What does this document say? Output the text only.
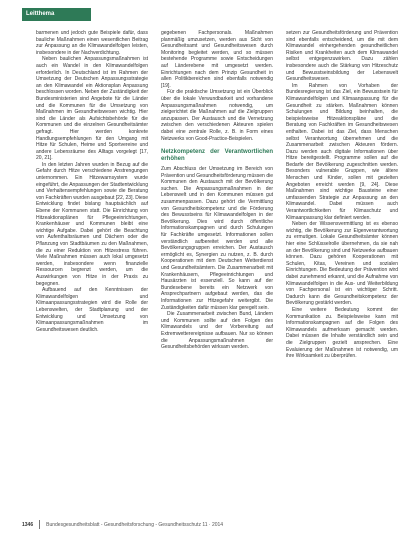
Leitthema

barmenen und jedoch gute Beispiele dafür, dass bauliche Maßnahmen einen wesentlichen Beitrag zur Anpassung an die Klimawandelfolgen leisten, insbesondere in der Nachverdichtung.

Neben baulichen Anpassungsmaßnahmen ist auch ein Wandel in den Klimawandelfolgen erforderlich. In Deutschland ist im Rahmen der Umsetzung der Deutschen Anpassungsstrategie an den Klimawandel ein Aktionsplan Anpassung beschlossen worden. Neben der Zuständigkeit der Bundesministerien sind Angebote für die Länder und die Kommunen für die Umsetzung von Maßnahmen im Gesundheitswesen wichtig. Hier sind die Länder als Aufsichtsbehörde für die Kommunen und die einzelnen Gesundheitsämter gefragt. Hier werden konkrete Handlungsempfehlungen für den Umgang mit Hitze für Schulen, Heime und Sportvereine und andere Lebensräume des Alltags vorgelegt [17, 20, 21].

In den letzten Jahren wurden in Bezug auf die Gefahr durch Hitze verschiedene Anstrengungen unternommen. Ein Hitzewarnsystem wurde eingeführt, die Anpassungen der Stadtentwicklung und Verhaltensempfehlungen sowie die Beratung von Fachkräften wurden ausgebaut [22, 23]. Diese Entwicklung findet bislang hauptsächlich auf Ebene der Kommunen statt. Die Einrichtung von Hitzeaktionsplänen für Pflegeeinrichtungen, Krankenhäuser und Kommunen bleibt eine wichtige Aufgabe. Dabei gehört die Beachtung von Aufenthaltsräumen und Dächern oder die Pflanzung von Stadtbäumen zu den Maßnahmen, die zu einer Reduktion von Hitzestress führen. Viele Maßnahmen müssen auch lokal umgesetzt werden, insbesondere wenn finanzielle Ressourcen begrenzt werden, um die Auswirkungen von Hitze in der Praxis zu begegnen.

Aufbauend auf den Kenntnissen der Klimawandelfolgen und Klimaanpassungsstrategien wird die Rolle der Lebenswelten, der Stadtplanung und der Entwicklung und Umsetzung von Klimaanpassungsmaßnahmen im Gesundheitswesen deutlich.

gegebenen Fachpersonals. Maßnahmen planmäßig umzusetzen, werden aus Sicht von Gesundheitsamt und Gesundheitswesen durch Monitoring begleitet werden, und so müssen bestehende Programme sowie Entscheidungen auf Länderebene mit umgesetzt werden. Einrichtungen nach dem Prinzip Gesundheit in allen Politikbereichen sind ebenfalls notwendig [19].

Für die praktische Umsetzung ist ein Überblick über die lokale Verwundbarkeit und vorhandene Anpassungsmaßnahmen notwendig, um zielgerichtet die Maßnahmen auf die Zielgruppen anzupassen. Der Austausch und die Vernetzung zwischen den verschiedenen Akteuren spielen dabei eine zentrale Rolle, z. B. in Form eines Netzwerks von Good-Practice-Beispielen.

Netzkompetenz der Verantwortlichen erhöhen

Zum Abschluss der Umsetzung im Bereich von Prävention und Gesundheitsförderung müssen die Kommunen den Austausch mit der Bevölkerung suchen. Die Anpassungsmaßnahmen in der Lebenswelt und in den Kommunen müssen gut zusammenpassen. Dazu gehört die Vermittlung von Gesundheitskompetenz und die Förderung des Bewusstseins für Klimawandelfolgen in der Bevölkerung. Dies wird durch öffentliche Informationskampagnen und durch Schulungen für Fachkräfte umgesetzt. Informationen sollen verständlich aufbereitet werden und alle Bevölkerungsgruppen erreichen. Der Austausch ermöglicht es, Synergien zu nutzen, z. B. durch Kooperationen mit dem Deutschen Wetterdienst und Gesundheitsämtern. Die Zusammenarbeit mit Krankenhäusern, Pflegeeinrichtungen und Hausärzten ist essenziell. So kann auf der Bundesebene bereits ein Netzwerk von Ansprechpartnern aufgebaut werden, das die Informationen zur Hitzegefahr weitergibt. Die Zuständigkeiten dafür müssen klar geregelt sein.

Die Zusammenarbeit zwischen Bund, Ländern und Kommunen sollte auf den Folgen des Klimawandels und der Vorbereitung auf Extremwetterereignisse aufbauen. Nur so können die Anpassungsmaßnahmen der Gesundheitsbehörden wirksam werden.

setzen zur Gesundheitsförderung und Prävention sind ebenfalls entscheidend, um die mit dem Klimawandel einhergehenden gesundheitlichen Risiken und Krankheiten auch dem Klimawandel selbst entgegenzuwirken. Dazu zählen insbesondere auch die Stärkung von Hitzeschutz und Bewusstseinsbildung der Lebenswelt Gesundheitswesen.

Im Rahmen von Vorhaben der Bundesregierung ist das Ziel, ein Bewusstsein für Klimawandelfolgen und Klimaanpassung für die Gesundheit zu stärken. Maßnahmen können Schulungen und Bildung beinhalten, die beispielsweise Hitzeaktionspläne und die Beratung von Fachkräften im Gesundheitswesen enthalten. Dabei ist das Ziel, dass Menschen selbst Verantwortung übernehmen und die Zusammenarbeit zwischen Akteuren fördern. Dazu werden auch digitale Informationen über Hitze bereitgestellt. Programme sollen auf die Bedarfe der Bevölkerung zugeschnitten werden. Besonders vulnerable Gruppen, wie ältere Menschen und Kinder, sollen mit gezielten Angeboten erreicht werden [9, 24]. Diese Maßnahmen sind wichtige Bausteine einer umfassenden Strategie zur Anpassung an den Klimawandel. Dabei müssen auch Verantwortlichkeiten für Klimaschutz und Klimaanpassung klar definiert werden.

Neben der Wissensvermittlung ist es ebenso wichtig, die Bevölkerung zur Eigenverantwortung zu ermutigen. Lokale Gesundheitsämter können hier eine Schlüsselrolle übernehmen, da sie nah an der Bevölkerung sind und Netzwerke aufbauen können. Dazu gehören Kooperationen mit Schulen, Kitas, Vereinen und sozialen Einrichtungen. Die Bedeutung der Prävention wird dabei zunehmend erkannt, und die Aufnahme von Klimawandelfolgen in die Aus- und Weiterbildung von Fachpersonal ist ein wichtiger Schritt. Dadurch kann die Gesundheitskompetenz der Bevölkerung gestärkt werden.

Eine weitere Bedeutung kommt der Kommunikation zu. Beispielsweise kann mit Informationskampagnen auf die Folgen des Klimawandels aufmerksam gemacht werden. Dabei müssen die Inhalte verständlich sein und die Zielgruppen gezielt ansprechen. Eine Evaluierung der Maßnahmen ist notwendig, um ihre Wirksamkeit zu überprüfen.

1346	Bundesgesundheitsblatt - Gesundheitsforschung - Gesundheitsschutz 11 · 2014
